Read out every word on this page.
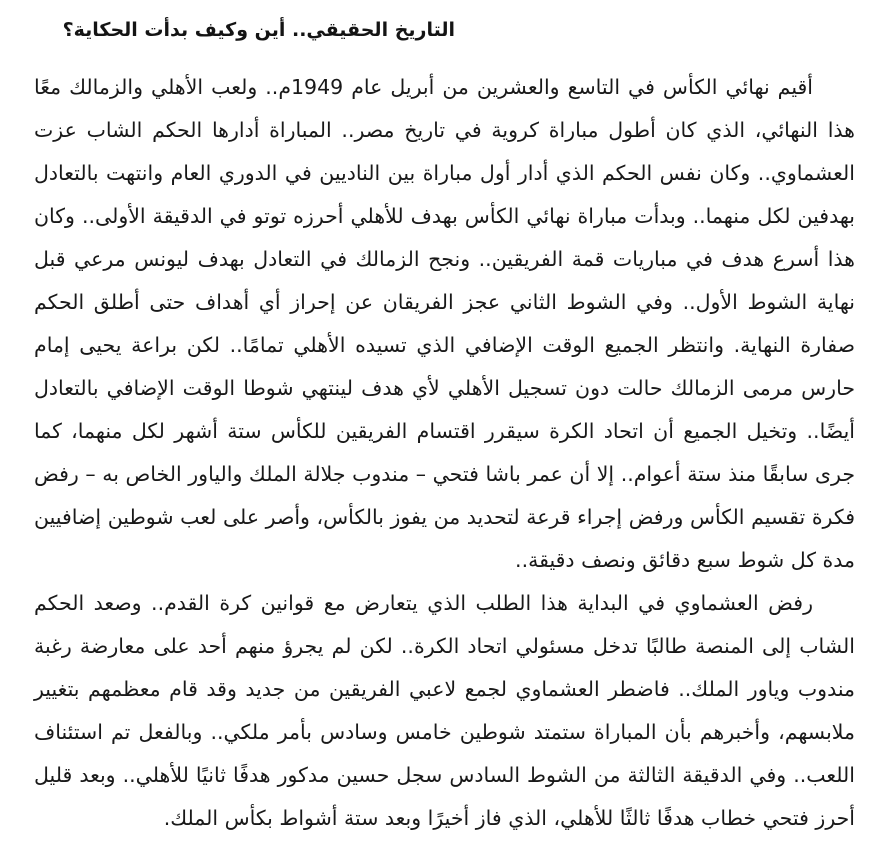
التاريخ الحقيقي.. أين وكيف بدأت الحكاية؟

أقيم نهائي الكأس في التاسع والعشرين من أبريل عام 1949م.. ولعب الأهلي والزمالك معًا هذا النهائي، الذي كان أطول مباراة كروية في تاريخ مصر.. المباراة أدارها الحكم الشاب عزت العشماوي.. وكان نفس الحكم الذي أدار أول مباراة بين الناديين في الدوري العام وانتهت بالتعادل بهدفين لكل منهما.. وبدأت مباراة نهائي الكأس بهدف للأهلي أحرزه توتو في الدقيقة الأولى.. وكان هذا أسرع هدف في مباريات قمة الفريقين.. ونجح الزمالك في التعادل بهدف ليونس مرعي قبل نهاية الشوط الأول.. وفي الشوط الثاني عجز الفريقان عن إحراز أي أهداف حتى أطلق الحكم صفارة النهاية. وانتظر الجميع الوقت الإضافي الذي تسيده الأهلي تمامًا.. لكن براعة يحيى إمام حارس مرمى الزمالك حالت دون تسجيل الأهلي لأي هدف لينتهي شوطا الوقت الإضافي بالتعادل أيضًا.. وتخيل الجميع أن اتحاد الكرة سيقرر اقتسام الفريقين للكأس ستة أشهر لكل منهما، كما جرى سابقًا منذ ستة أعوام.. إلا أن عمر باشا فتحي – مندوب جلالة الملك والياور الخاص به – رفض فكرة تقسيم الكأس ورفض إجراء قرعة لتحديد من يفوز بالكأس، وأصر على لعب شوطين إضافيين مدة كل شوط سبع دقائق ونصف دقيقة..

رفض العشماوي في البداية هذا الطلب الذي يتعارض مع قوانين كرة القدم.. وصعد الحكم الشاب إلى المنصة طالبًا تدخل مسئولي اتحاد الكرة.. لكن لم يجرؤ منهم أحد على معارضة رغبة مندوب وياور الملك.. فاضطر العشماوي لجمع لاعبي الفريقين من جديد وقد قام معظمهم بتغيير ملابسهم، وأخبرهم بأن المباراة ستمتد شوطين خامس وسادس بأمر ملكي.. وبالفعل تم استئناف اللعب.. وفي الدقيقة الثالثة من الشوط السادس سجل حسين مدكور هدفًا ثانيًا للأهلي.. وبعد قليل أحرز فتحي خطاب هدفًا ثالثًا للأهلي، الذي فاز أخيرًا وبعد ستة أشواط بكأس الملك.
